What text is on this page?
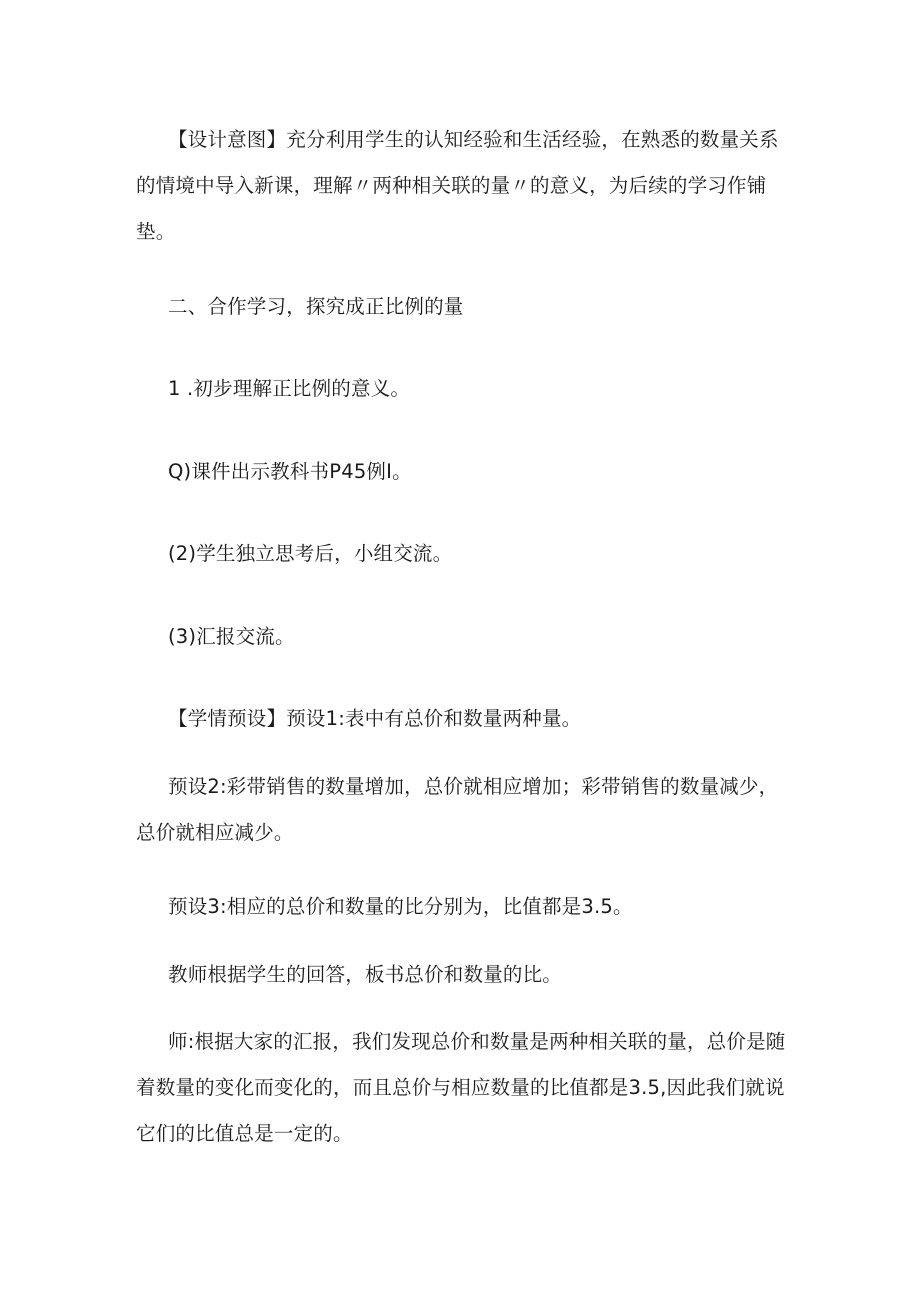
【设计意图】充分利用学生的认知经验和生活经验，在熟悉的数量关系的情境中导入新课，理解〃两种相关联的量〃的意义，为后续的学习作铺垫。

二、合作学习，探究成正比例的量

1 .初步理解正比例的意义。

Q)课件出示教科书P45例I。

(2)学生独立思考后，小组交流。

(3)汇报交流。

【学情预设】预设1:表中有总价和数量两种量。

预设2:彩带销售的数量增加，总价就相应增加；彩带销售的数量减少，总价就相应减少。

预设3:相应的总价和数量的比分别为，比值都是3.5。

教师根据学生的回答，板书总价和数量的比。

师:根据大家的汇报，我们发现总价和数量是两种相关联的量，总价是随着数量的变化而变化的，而且总价与相应数量的比值都是3.5,因此我们就说它们的比值总是一定的。
